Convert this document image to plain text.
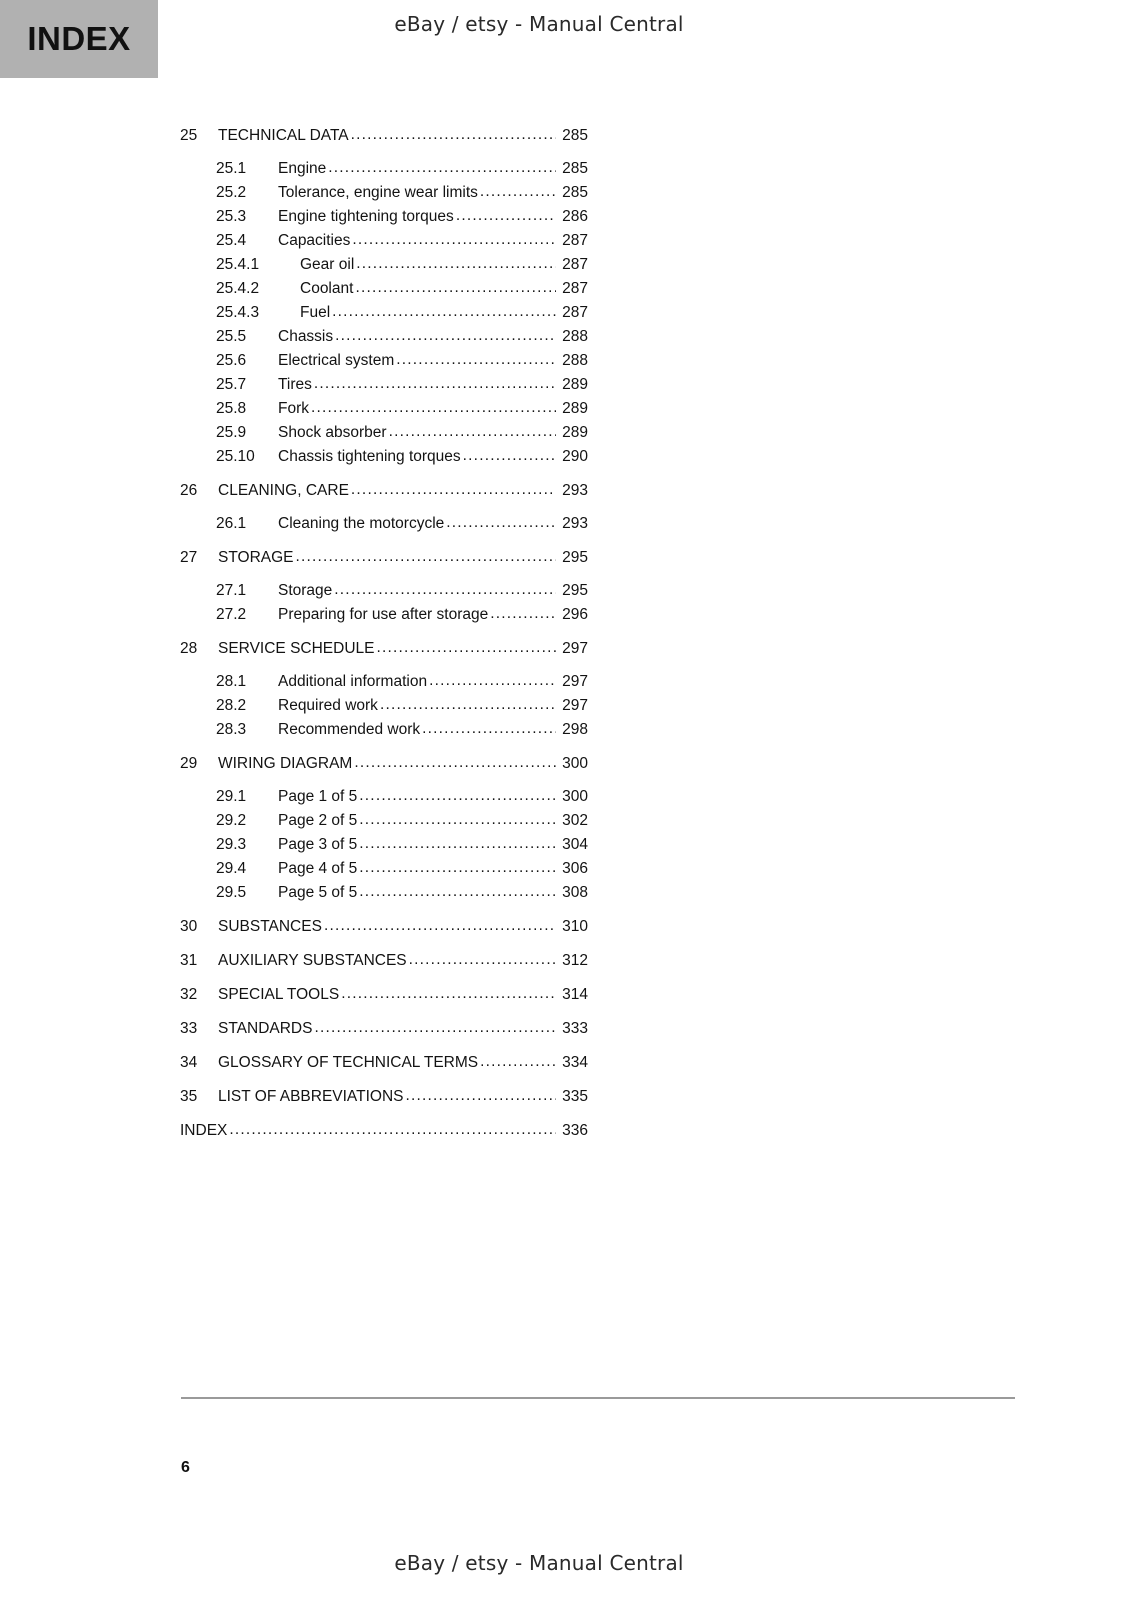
INDEX	eBay / etsy - Manual Central
25	TECHNICAL DATA .....	285
25.1	Engine .....	285
25.2	Tolerance, engine wear limits .....	285
25.3	Engine tightening torques .....	286
25.4	Capacities .....	287
25.4.1	Gear oil .....	287
25.4.2	Coolant .....	287
25.4.3	Fuel .....	287
25.5	Chassis .....	288
25.6	Electrical system .....	288
25.7	Tires .....	289
25.8	Fork .....	289
25.9	Shock absorber .....	289
25.10	Chassis tightening torques .....	290
26	CLEANING, CARE .....	293
26.1	Cleaning the motorcycle .....	293
27	STORAGE .....	295
27.1	Storage .....	295
27.2	Preparing for use after storage .....	296
28	SERVICE SCHEDULE .....	297
28.1	Additional information .....	297
28.2	Required work .....	297
28.3	Recommended work .....	298
29	WIRING DIAGRAM .....	300
29.1	Page 1 of 5 .....	300
29.2	Page 2 of 5 .....	302
29.3	Page 3 of 5 .....	304
29.4	Page 4 of 5 .....	306
29.5	Page 5 of 5 .....	308
30	SUBSTANCES .....	310
31	AUXILIARY SUBSTANCES .....	312
32	SPECIAL TOOLS .....	314
33	STANDARDS .....	333
34	GLOSSARY OF TECHNICAL TERMS .....	334
35	LIST OF ABBREVIATIONS .....	335
INDEX .....	336
6
eBay / etsy - Manual Central
